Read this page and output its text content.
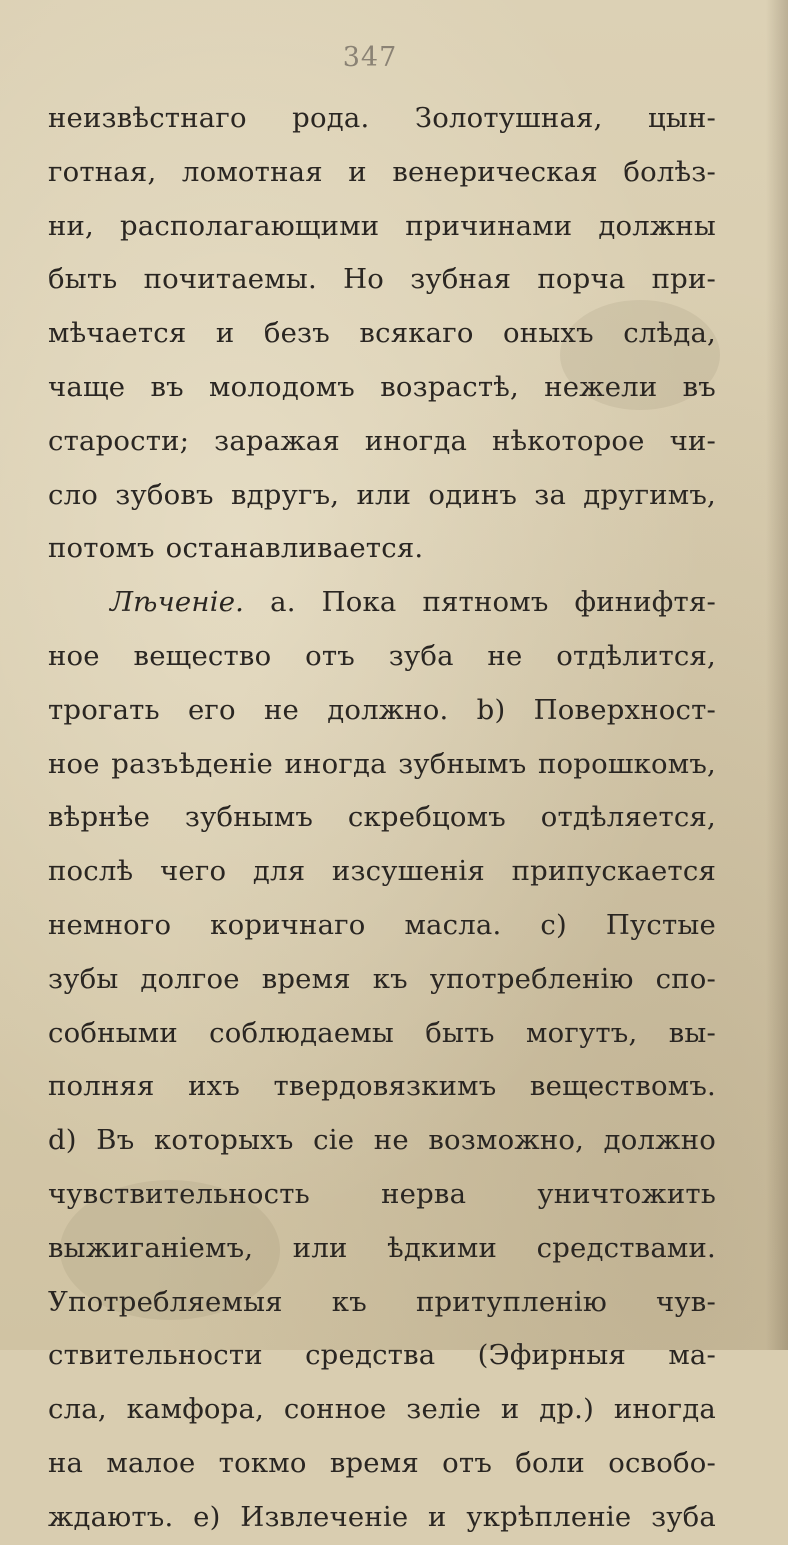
347
неизвѣстнаго рода. Золотушная, цын-
готная, ломотная и венерическая болѣз-
ни, располагающими причинами должны
быть почитаемы. Но зубная порча при-
мѣчается и безъ всякаго оныхъ слѣда,
чаще въ молодомъ возрастѣ, нежели въ
старости; заражая иногда нѣкоторое чи-
сло зубовъ вдругъ, или одинъ за другимъ,
потомъ останавливается.
Лѣченіе. а. Пока пятномъ финифтя-
ное вещество отъ зуба не отдѣлится,
трогать его не должно. b) Поверхност-
ное разъѣденіе иногда зубнымъ порошкомъ,
вѣрнѣе зубнымъ скребцомъ отдѣляется,
послѣ чего для изсушенія припускается
немного коричнаго масла. c) Пустые
зубы долгое время къ употребленію спо-
собными соблюдаемы быть могутъ, вы-
полняя ихъ твердовязкимъ веществомъ.
d) Въ которыхъ сіе не возможно, должно
чувствительность нерва уничтожить
выжиганіемъ, или ѣдкими средствами.
Употребляемыя къ притупленію чув-
ствительности средства (Эфирныя ма-
сла, камфора, сонное зеліе и др.) иногда
на малое токмо время отъ боли освобо-
ждаютъ. e) Извлеченіе и укрѣпленіе зуба
